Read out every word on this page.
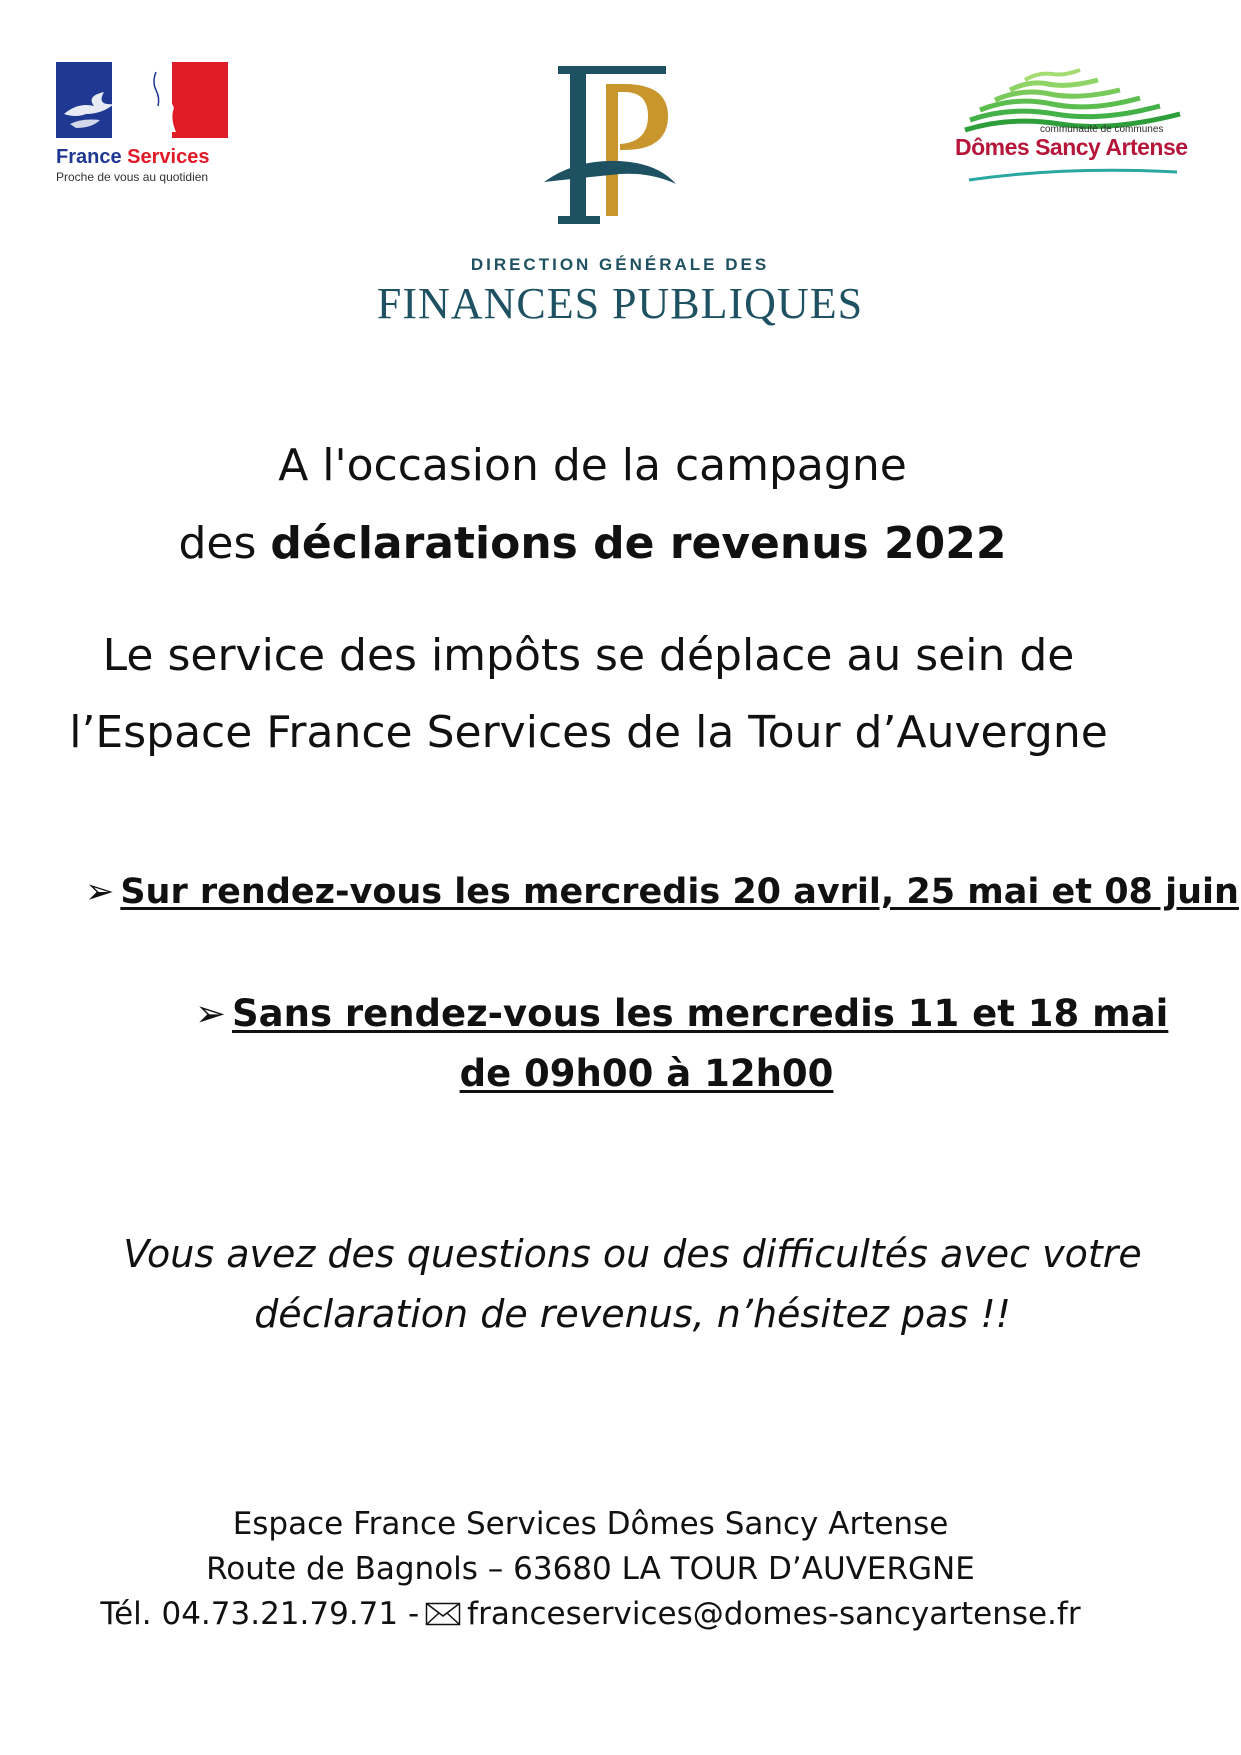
France Services
Proche de vous au quotidien
DIRECTION GÉNÉRALE DES
FINANCES PUBLIQUES
communauté de communes
Dômes Sancy Artense
A l'occasion de la campagne
des déclarations de revenus 2022
Le service des impôts se déplace au sein de
l’Espace France Services de la Tour d’Auvergne
➢ Sur rendez-vous les mercredis 20 avril, 25 mai et 08 juin
➢ Sans rendez-vous les mercredis 11 et 18 mai
de 09h00 à 12h00
Vous avez des questions ou des difficultés avec votre
déclaration de revenus, n’hésitez pas !!
Espace France Services Dômes Sancy Artense
Route de Bagnols – 63680 LA TOUR D’AUVERGNE
Tél. 04.73.21.79.71 - franceservices@domes-sancyartense.fr
